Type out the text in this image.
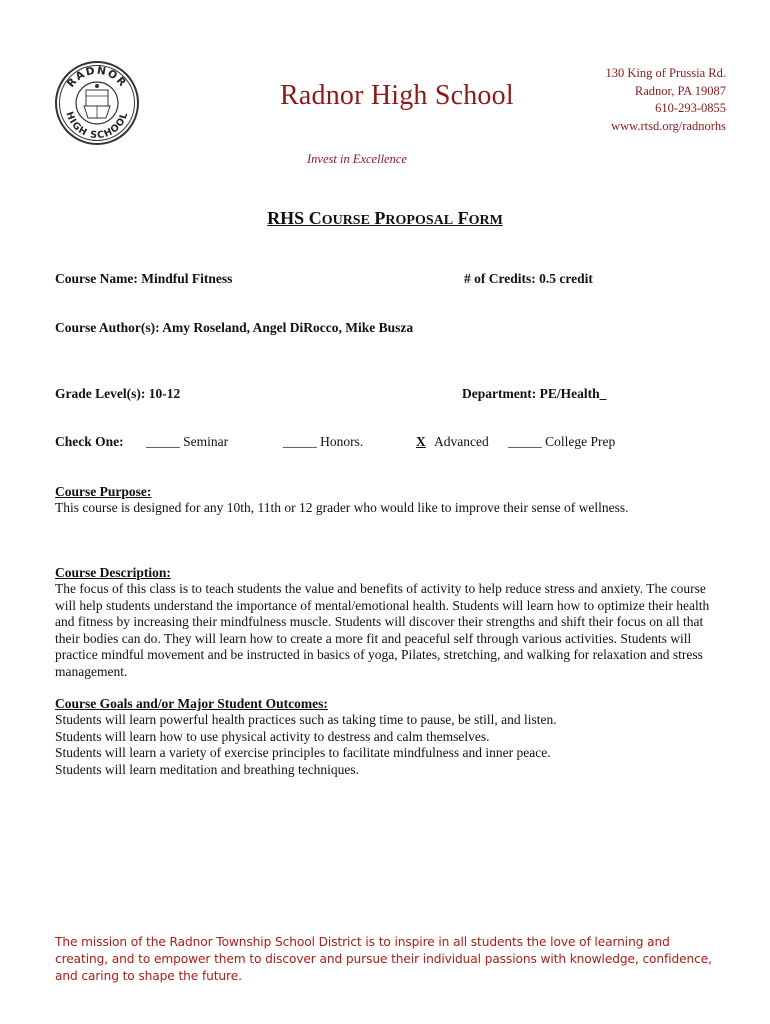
RADNOR
HIGH SCHOOL
Radnor High School
130 King of Prussia Rd.
Radnor, PA 19087
610-293-0855
www.rtsd.org/radnorhs
Invest in Excellence
RHS COURSE PROPOSAL FORM
Course Name: Mindful Fitness	# of Credits: 0.5 credit
Course Author(s): Amy Roseland, Angel DiRocco, Mike Busza
Grade Level(s): 10-12	Department: PE/Health_
Check One: _____ Seminar	_____ Honors.	X Advanced _____ College Prep
Course Purpose:
This course is designed for any 10th, 11th or 12 grader who would like to improve their sense of wellness.
Course Description:
The focus of this class is to teach students the value and benefits of activity to help reduce stress and anxiety. The course will help students understand the importance of mental/emotional health. Students will learn how to optimize their health and fitness by increasing their mindfulness muscle. Students will discover their strengths and shift their focus on all that their bodies can do. They will learn how to create a more fit and peaceful self through various activities. Students will practice mindful movement and be instructed in basics of yoga, Pilates, stretching, and walking for relaxation and stress management.
Course Goals and/or Major Student Outcomes:
Students will learn powerful health practices such as taking time to pause, be still, and listen.
Students will learn how to use physical activity to destress and calm themselves.
Students will learn a variety of exercise principles to facilitate mindfulness and inner peace.
Students will learn meditation and breathing techniques.
The mission of the Radnor Township School District is to inspire in all students the love of learning and creating, and to empower them to discover and pursue their individual passions with knowledge, confidence, and caring to shape the future.
